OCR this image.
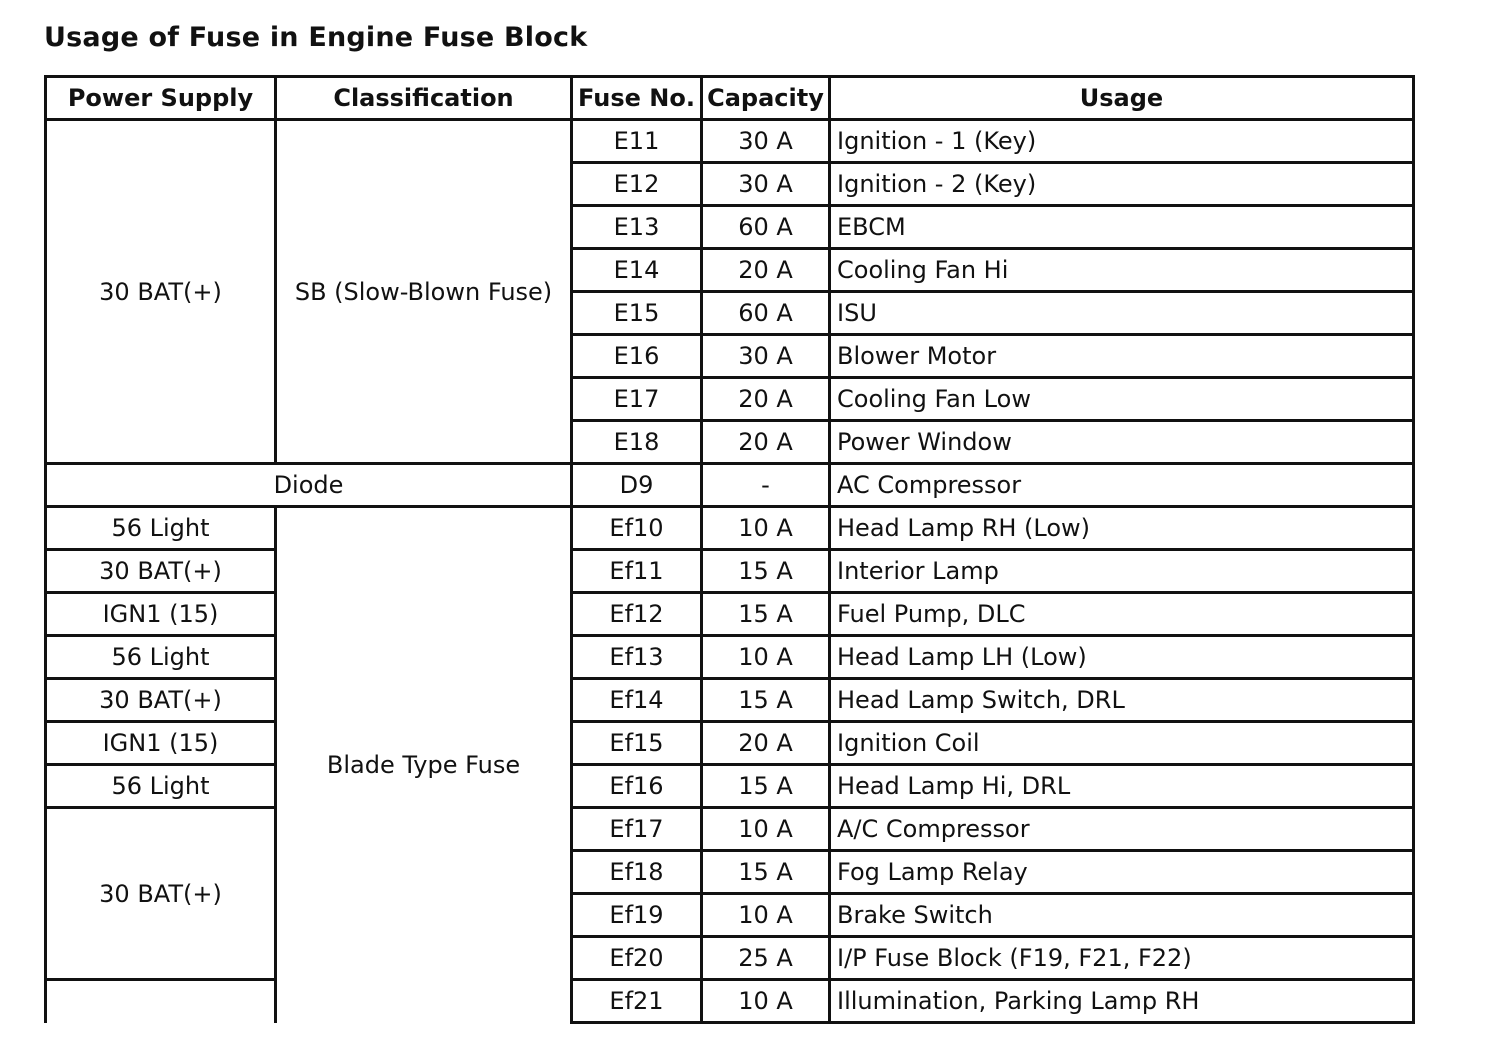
Usage of Fuse in Engine Fuse Block
Power Supply	Classification	Fuse No.	Capacity	Usage
30 BAT(+)	SB (Slow-Blown Fuse)	E11	30 A	Ignition - 1 (Key)
		E12	30 A	Ignition - 2 (Key)
		E13	60 A	EBCM
		E14	20 A	Cooling Fan Hi
		E15	60 A	ISU
		E16	30 A	Blower Motor
		E17	20 A	Cooling Fan Low
		E18	20 A	Power Window
Diode		D9	-	AC Compressor
56 Light	Blade Type Fuse	Ef10	10 A	Head Lamp RH (Low)
30 BAT(+)		Ef11	15 A	Interior Lamp
IGN1 (15)		Ef12	15 A	Fuel Pump, DLC
56 Light		Ef13	10 A	Head Lamp LH (Low)
30 BAT(+)		Ef14	15 A	Head Lamp Switch, DRL
IGN1 (15)		Ef15	20 A	Ignition Coil
56 Light		Ef16	15 A	Head Lamp Hi, DRL
30 BAT(+)		Ef17	10 A	A/C Compressor
		Ef18	15 A	Fog Lamp Relay
		Ef19	10 A	Brake Switch
		Ef20	25 A	I/P Fuse Block (F19, F21, F22)
		Ef21	10 A	Illumination, Parking Lamp RH
